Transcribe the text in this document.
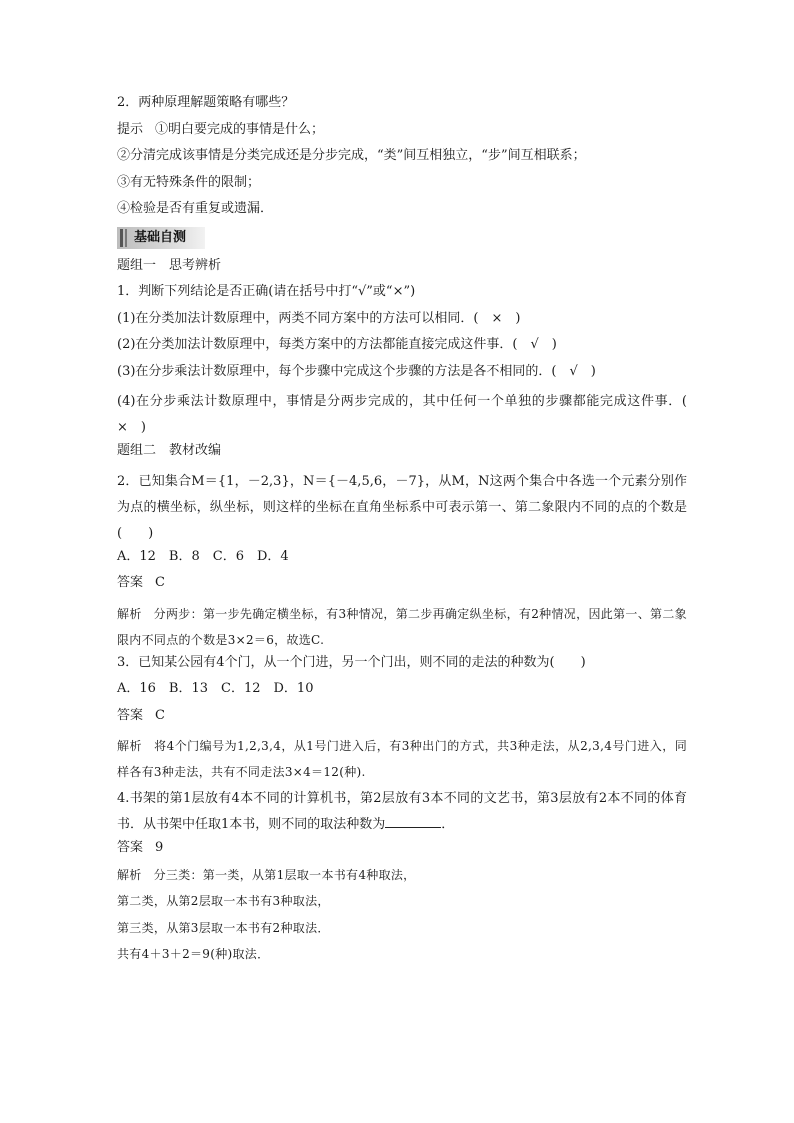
2．两种原理解题策略有哪些？

提示 ①明白要完成的事情是什么；

②分清完成该事情是分类完成还是分步完成，“类”间互相独立，“步”间互相联系；

③有无特殊条件的限制；

④检验是否有重复或遗漏．

基础自测

题组一　思考辨析

1．判断下列结论是否正确(请在括号中打“√”或“×”)

(1)在分类加法计数原理中，两类不同方案中的方法可以相同．(　×　)

(2)在分类加法计数原理中，每类方案中的方法都能直接完成这件事．(　√　)

(3)在分步乘法计数原理中，每个步骤中完成这个步骤的方法是各不相同的．(　√　)

(4)在分步乘法计数原理中，事情是分两步完成的，其中任何一个单独的步骤都能完成这件事．(　×　)

题组二　教材改编

2．已知集合M＝{1，－2,3}，N＝{－4,5,6，－7}，从M，N这两个集合中各选一个元素分别作为点的横坐标，纵坐标，则这样的坐标在直角坐标系中可表示第一、第二象限内不同的点的个数是(　　)

A．12　B．8　C．6　D．4

答案 C

解析 分两步：第一步先确定横坐标，有3种情况，第二步再确定纵坐标，有2种情况，因此第一、第二象限内不同点的个数是3×2＝6，故选C.

3．已知某公园有4个门，从一个门进，另一个门出，则不同的走法的种数为(　　)

A．16　B．13　C．12　D．10

答案 C

解析 将4个门编号为1,2,3,4，从1号门进入后，有3种出门的方式，共3种走法，从2,3,4号门进入，同样各有3种走法，共有不同走法3×4＝12(种).

4.书架的第1层放有4本不同的计算机书，第2层放有3本不同的文艺书，第3层放有2本不同的体育书．从书架中任取1本书，则不同的取法种数为	．

答案 9

解析 分三类：第一类，从第1层取一本书有4种取法，

第二类，从第2层取一本书有3种取法，

第三类，从第3层取一本书有2种取法．

共有4＋3＋2＝9(种)取法．
